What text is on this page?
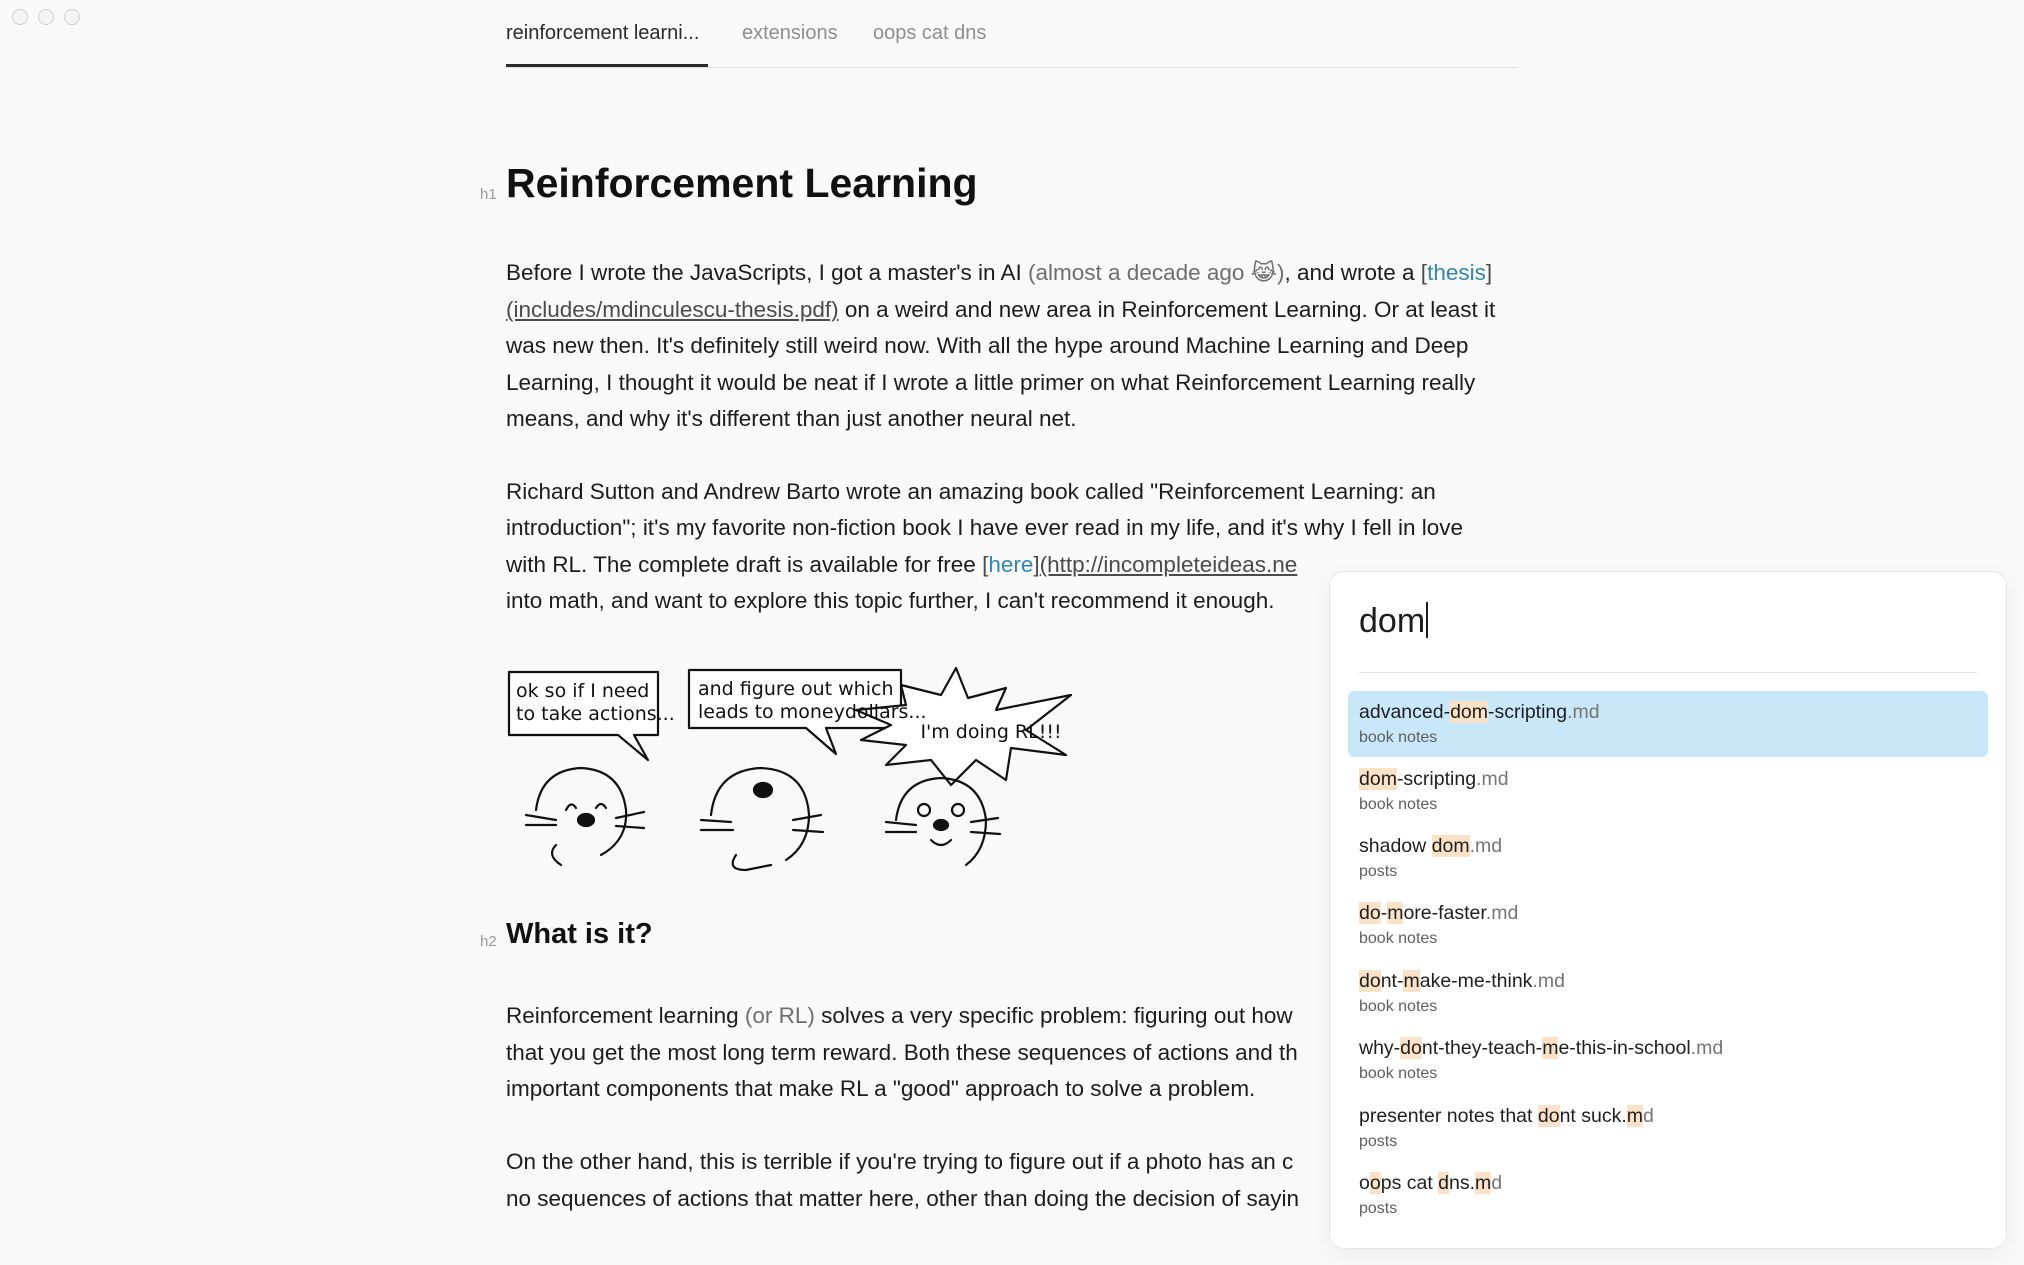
reinforcement learni... extensions oops cat dns
h1 Reinforcement Learning
Before I wrote the JavaScripts, I got a master's in AI (almost a decade ago 😹), and wrote a [thesis]
(includes/mdinculescu-thesis.pdf) on a weird and new area in Reinforcement Learning. Or at least it
was new then. It's definitely still weird now. With all the hype around Machine Learning and Deep
Learning, I thought it would be neat if I wrote a little primer on what Reinforcement Learning really
means, and why it's different than just another neural net.
Richard Sutton and Andrew Barto wrote an amazing book called "Reinforcement Learning: an
introduction"; it's my favorite non-fiction book I have ever read in my life, and it's why I fell in love
with RL. The complete draft is available for free [here](http://incompleteideas.ne
into math, and want to explore this topic further, I can't recommend it enough.
h2 What is it?
Reinforcement learning (or RL) solves a very specific problem: figuring out how
that you get the most long term reward. Both these sequences of actions and th
important components that make RL a "good" approach to solve a problem.
On the other hand, this is terrible if you're trying to figure out if a photo has an c
no sequences of actions that matter here, other than doing the decision of sayin
ok so if I need
to take actions...
and figure out which
leads to moneydollars...
I'm doing RL!!!
dom
advanced-dom-scripting.md
book notes
dom-scripting.md
book notes
shadow dom.md
posts
do-more-faster.md
book notes
dont-make-me-think.md
book notes
why-dont-they-teach-me-this-in-school.md
book notes
presenter notes that dont suck.md
posts
oops cat dns.md
posts
